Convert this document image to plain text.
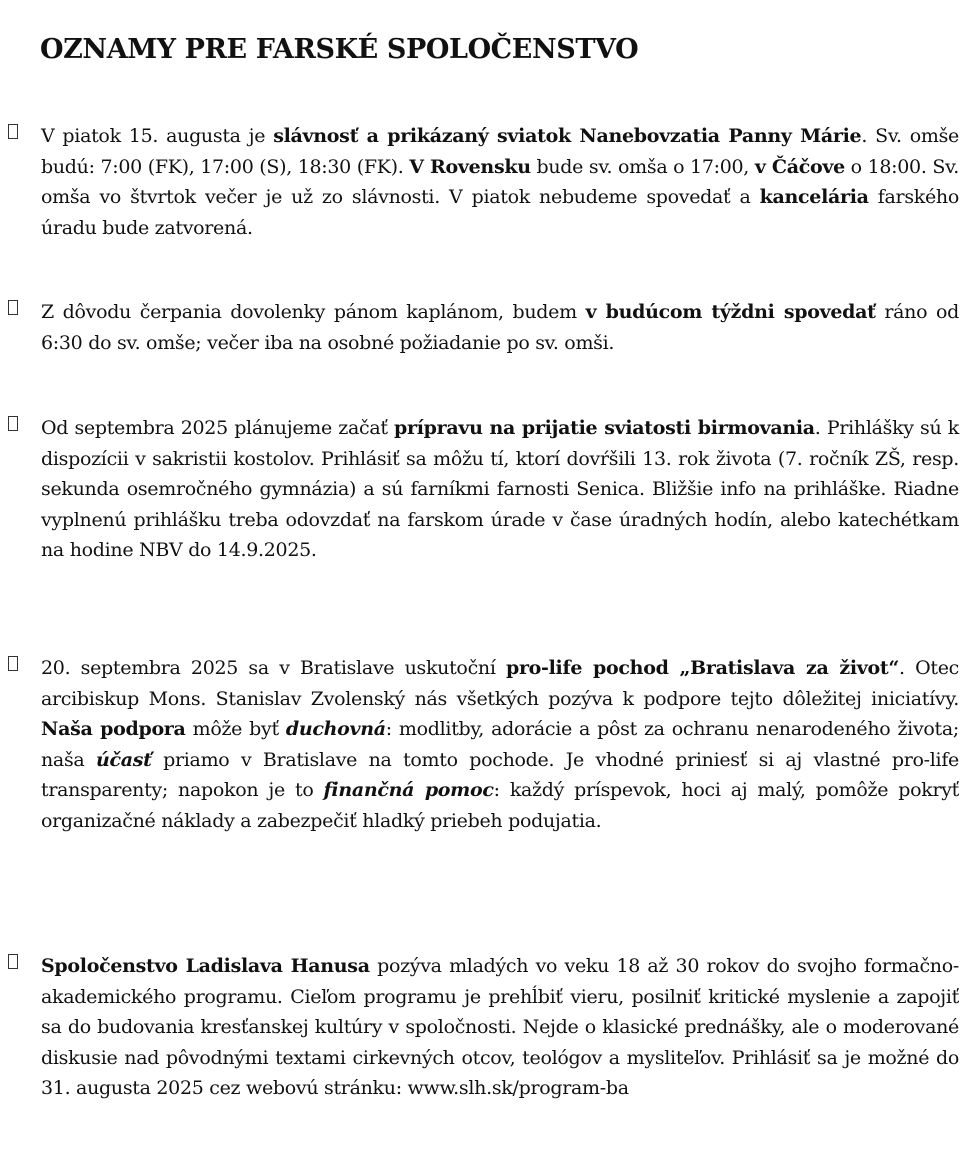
OZNAMY PRE FARSKÉ SPOLOČENSTVO

V piatok 15. augusta je slávnosť a prikázaný sviatok Nanebovzatia Panny Márie. Sv. omše budú: 7:00 (FK), 17:00 (S), 18:30 (FK). V Rovensku bude sv. omša o 17:00, v Čáčove o 18:00. Sv. omša vo štvrtok večer je už zo slávnosti. V piatok nebudeme spovedať a kancelária farského úradu bude zatvorená.

Z dôvodu čerpania dovolenky pánom kaplánom, budem v budúcom týždni spovedať ráno od 6:30 do sv. omše; večer iba na osobné požiadanie po sv. omši.

Od septembra 2025 plánujeme začať prípravu na prijatie sviatosti birmovania. Prihlášky sú k dispozícii v sakristii kostolov. Prihlásiť sa môžu tí, ktorí dovŕšili 13. rok života (7. ročník ZŠ, resp. sekunda osemročného gymnázia) a sú farníkmi farnosti Senica. Bližšie info na prihláške. Riadne vyplnenú prihlášku treba odovzdať na farskom úrade v čase úradných hodín, alebo katechétkam na hodine NBV do 14.9.2025.

20. septembra 2025 sa v Bratislave uskutoční pro-life pochod „Bratislava za život“. Otec arcibiskup Mons. Stanislav Zvolenský nás všetkých pozýva k podpore tejto dôležitej iniciatívy. Naša podpora môže byť duchovná: modlitby, adorácie a pôst za ochranu nenarodeného života; naša účasť priamo v Bratislave na tomto pochode. Je vhodné priniesť si aj vlastné pro-life transparenty; napokon je to finančná pomoc: každý príspevok, hoci aj malý, pomôže pokryť organizačné náklady a zabezpečiť hladký priebeh podujatia.

Spoločenstvo Ladislava Hanusa pozýva mladých vo veku 18 až 30 rokov do svojho formačno-akademického programu. Cieľom programu je prehĺbiť vieru, posilniť kritické myslenie a zapojiť sa do budovania kresťanskej kultúry v spoločnosti. Nejde o klasické prednášky, ale o moderované diskusie nad pôvodnými textami cirkevných otcov, teológov a mysliteľov. Prihlásiť sa je možné do 31. augusta 2025 cez webovú stránku: www.slh.sk/program-ba
